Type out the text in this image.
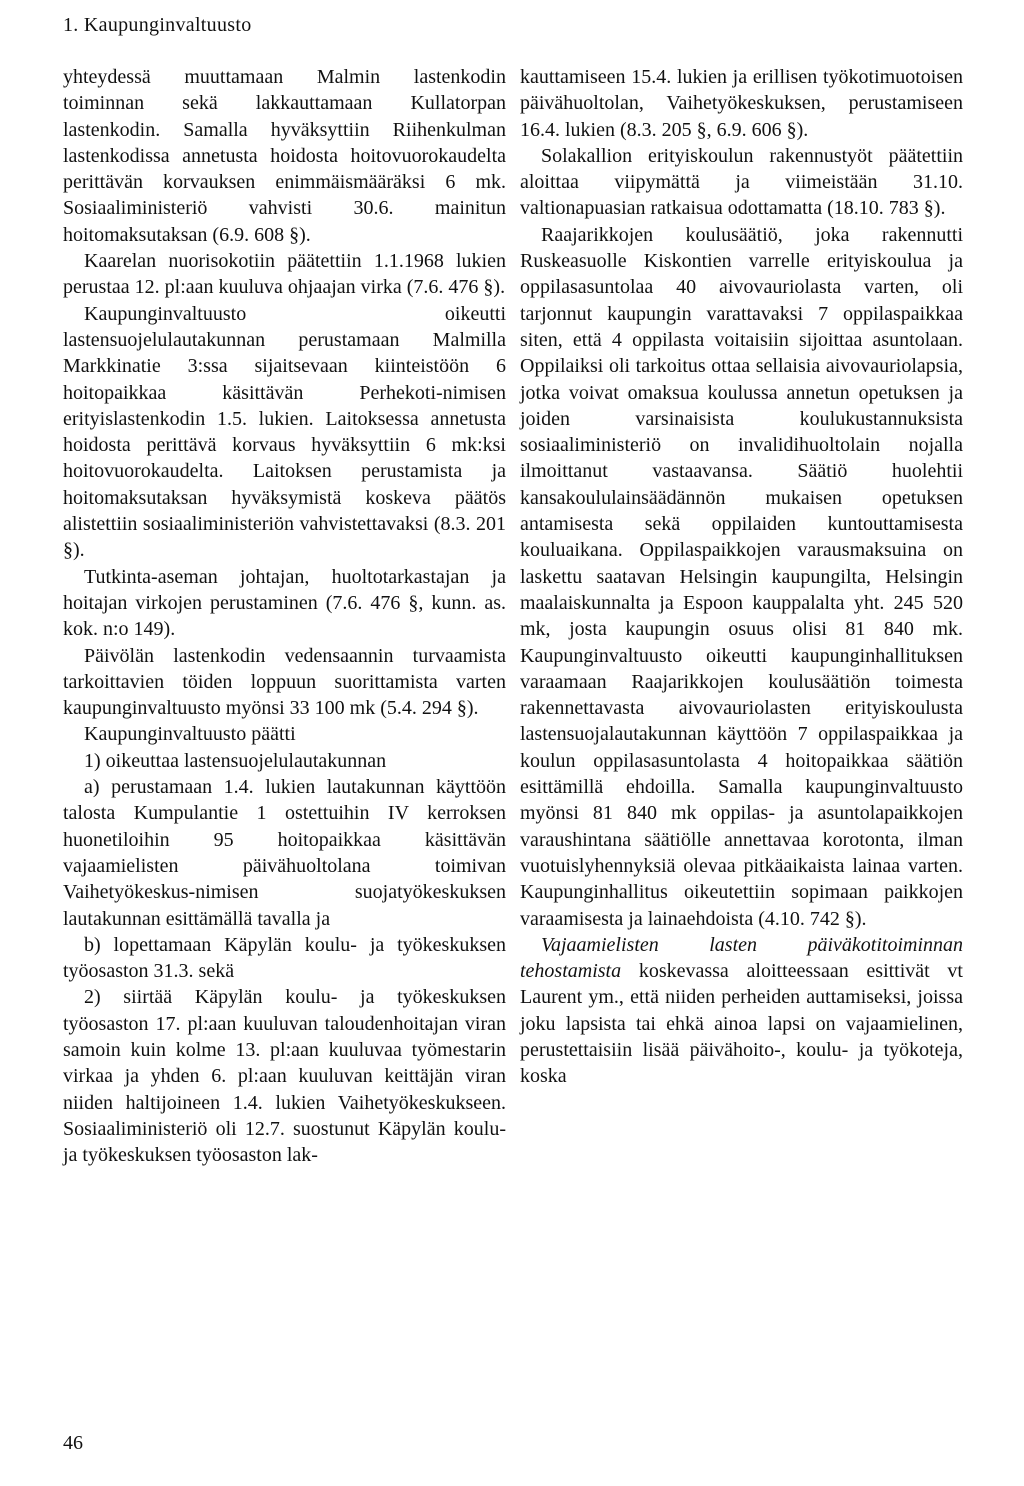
1. Kaupunginvaltuusto

yhteydessä muuttamaan Malmin lastenkodin toiminnan sekä lakkauttamaan Kullatorpan lastenkodin. Samalla hyväksyttiin Riihenkulman lastenkodissa annetusta hoidosta hoitovuorokaudelta perittävän korvauksen enimmäismääräksi 6 mk. Sosiaaliministeriö vahvisti 30.6. mainitun hoitomaksutaksan (6.9. 608 §).

Kaarelan nuorisokotiin päätettiin 1.1.1968 lukien perustaa 12. pl:aan kuuluva ohjaajan virka (7.6. 476 §).

Kaupunginvaltuusto oikeutti lastensuojelulautakunnan perustamaan Malmilla Markkinatie 3:ssa sijaitsevaan kiinteistöön 6 hoitopaikkaa käsittävän Perhekoti-nimisen erityislastenkodin 1.5. lukien. Laitoksessa annetusta hoidosta perittävä korvaus hyväksyttiin 6 mk:ksi hoitovuorokaudelta. Laitoksen perustamista ja hoitomaksutaksan hyväksymistä koskeva päätös alistettiin sosiaaliministeriön vahvistettavaksi (8.3. 201 §).

Tutkinta-aseman johtajan, huoltotarkastajan ja hoitajan virkojen perustaminen (7.6. 476 §, kunn. as. kok. n:o 149).

Päivölän lastenkodin vedensaannin turvaamista tarkoittavien töiden loppuun suorittamista varten kaupunginvaltuusto myönsi 33 100 mk (5.4. 294 §).

Kaupunginvaltuusto päätti

1) oikeuttaa lastensuojelulautakunnan

a) perustamaan 1.4. lukien lautakunnan käyttöön talosta Kumpulantie 1 ostettuihin IV kerroksen huonetiloihin 95 hoitopaikkaa käsittävän vajaamielisten päivähuoltolana toimivan Vaihetyökeskus-nimisen suojatyökeskuksen lautakunnan esittämällä tavalla ja

b) lopettamaan Käpylän koulu- ja työkeskuksen työosaston 31.3. sekä

2) siirtää Käpylän koulu- ja työkeskuksen työosaston 17. pl:aan kuuluvan taloudenhoitajan viran samoin kuin kolme 13. pl:aan kuuluvaa työmestarin virkaa ja yhden 6. pl:aan kuuluvan keittäjän viran niiden haltijoineen 1.4. lukien Vaihetyökeskukseen. Sosiaaliministeriö oli 12.7. suostunut Käpylän koulu- ja työkeskuksen työosaston lak-

kauttamiseen 15.4. lukien ja erillisen työkotimuotoisen päivähuoltolan, Vaihetyökeskuksen, perustamiseen 16.4. lukien (8.3. 205 §, 6.9. 606 §).

Solakallion erityiskoulun rakennustyöt päätettiin aloittaa viipymättä ja viimeistään 31.10. valtionapuasian ratkaisua odottamatta (18.10. 783 §).

Raajarikkojen koulusäätiö, joka rakennutti Ruskeasuolle Kiskontien varrelle erityiskoulua ja oppilasasuntolaa 40 aivovauriolasta varten, oli tarjonnut kaupungin varattavaksi 7 oppilaspaikkaa siten, että 4 oppilasta voitaisiin sijoittaa asuntolaan. Oppilaiksi oli tarkoitus ottaa sellaisia aivovauriolapsia, jotka voivat omaksua koulussa annetun opetuksen ja joiden varsinaisista koulukustannuksista sosiaaliministeriö on invalidihuoltolain nojalla ilmoittanut vastaavansa. Säätiö huolehtii kansakoululainsäädännön mukaisen opetuksen antamisesta sekä oppilaiden kuntouttamisesta kouluaikana. Oppilaspaikkojen varausmaksuina on laskettu saatavan Helsingin kaupungilta, Helsingin maalaiskunnalta ja Espoon kauppalalta yht. 245 520 mk, josta kaupungin osuus olisi 81 840 mk. Kaupunginvaltuusto oikeutti kaupunginhallituksen varaamaan Raajarikkojen koulusäätiön toimesta rakennettavasta aivovauriolasten erityiskoulusta lastensuojalautakunnan käyttöön 7 oppilaspaikkaa ja koulun oppilasasuntolasta 4 hoitopaikkaa säätiön esittämillä ehdoilla. Samalla kaupunginvaltuusto myönsi 81 840 mk oppilas- ja asuntolapaikkojen varaushintana säätiölle annettavaa korotonta, ilman vuotuislyhennyksiä olevaa pitkäaikaista lainaa varten. Kaupunginhallitus oikeutettiin sopimaan paikkojen varaamisesta ja lainaehdoista (4.10. 742 §).

Vajaamielisten lasten päiväkotitoiminnan tehostamista koskevassa aloitteessaan esittivät vt Laurent ym., että niiden perheiden auttamiseksi, joissa joku lapsista tai ehkä ainoa lapsi on vajaamielinen, perustettaisiin lisää päivähoito-, koulu- ja työkoteja, koska

46
